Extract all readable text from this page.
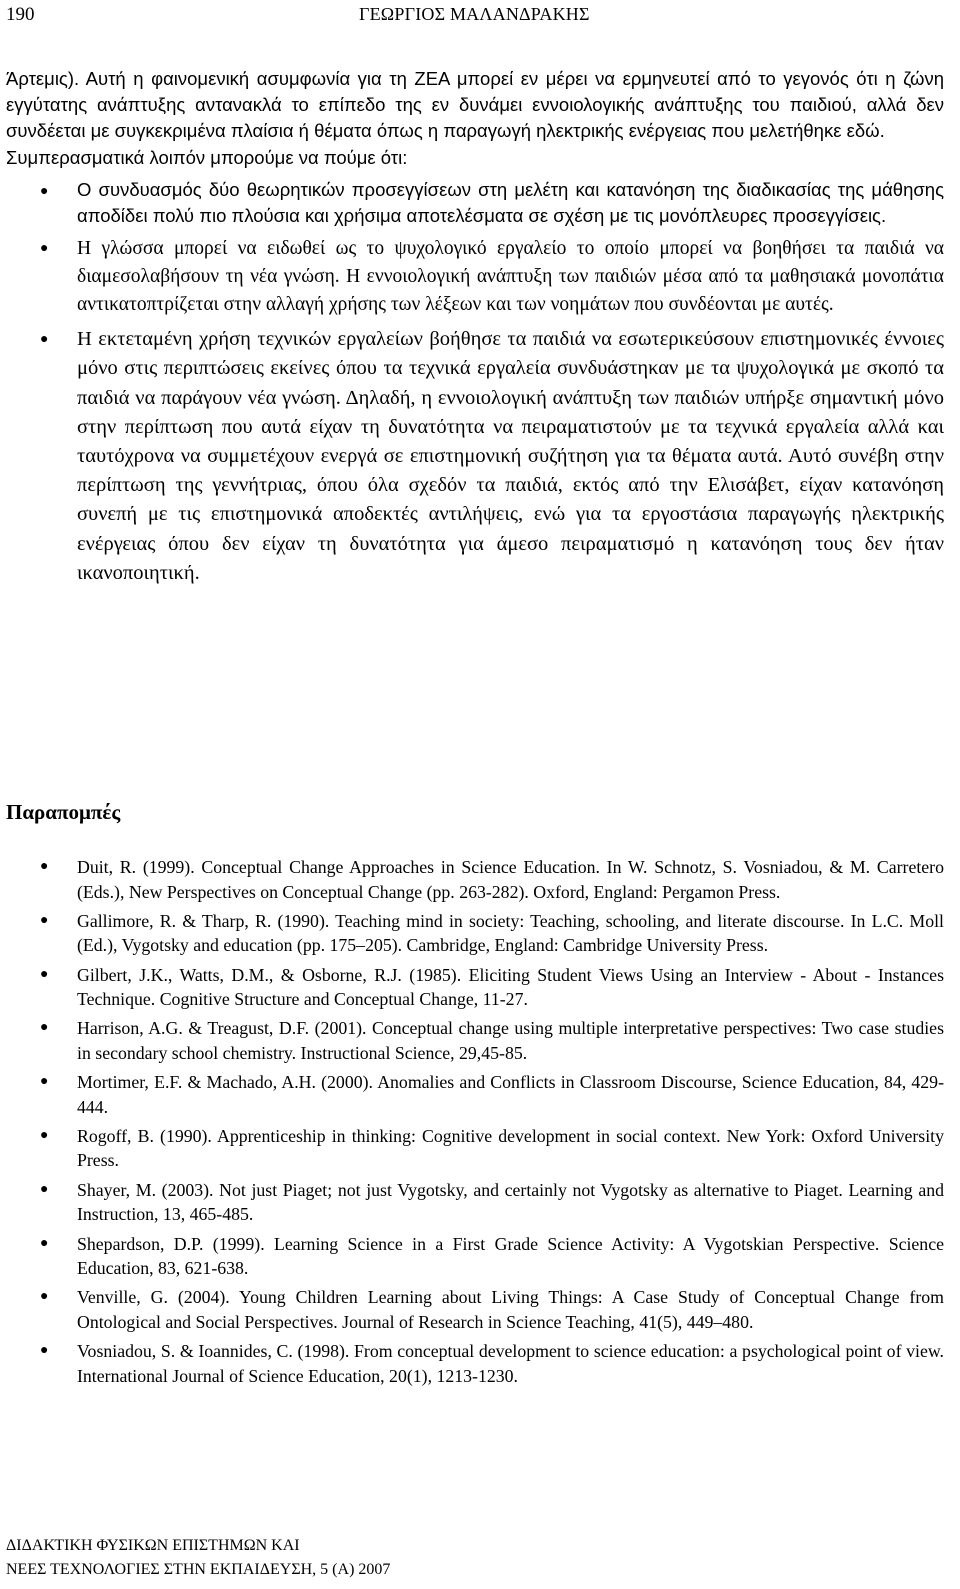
190	ΓΕΩΡΓΙΟΣ ΜΑΛΑΝΔΡΑΚΗΣ

Άρτεμις). Αυτή η φαινομενική ασυμφωνία για τη ΖΕΑ μπορεί εν μέρει να ερμηνευτεί από το γεγονός ότι η ζώνη εγγύτατης ανάπτυξης αντανακλά το επίπεδο της εν δυνάμει εννοιολογικής ανάπτυξης του παιδιού, αλλά δεν συνδέεται με συγκεκριμένα πλαίσια ή θέματα όπως η παραγωγή ηλεκτρικής ενέργειας που μελετήθηκε εδώ.

Συμπερασματικά λοιπόν μπορούμε να πούμε ότι:

● Ο συνδυασμός δύο θεωρητικών προσεγγίσεων στη μελέτη και κατανόηση της διαδικασίας της μάθησης αποδίδει πολύ πιο πλούσια και χρήσιμα αποτελέσματα σε σχέση με τις μονόπλευρες προσεγγίσεις.
● Η γλώσσα μπορεί να ειδωθεί ως το ψυχολογικό εργαλείο το οποίο μπορεί να βοηθήσει τα παιδιά να διαμεσολαβήσουν τη νέα γνώση. Η εννοιολογική ανάπτυξη των παιδιών μέσα από τα μαθησιακά μονοπάτια αντικατοπτρίζεται στην αλλαγή χρήσης των λέξεων και των νοημάτων που συνδέονται με αυτές.
● Η εκτεταμένη χρήση τεχνικών εργαλείων βοήθησε τα παιδιά να εσωτερικεύσουν επιστημονικές έννοιες μόνο στις περιπτώσεις εκείνες όπου τα τεχνικά εργαλεία συνδυάστηκαν με τα ψυχολογικά με σκοπό τα παιδιά να παράγουν νέα γνώση. Δηλαδή, η εννοιολογική ανάπτυξη των παιδιών υπήρξε σημαντική μόνο στην περίπτωση που αυτά είχαν τη δυνατότητα να πειραματιστούν με τα τεχνικά εργαλεία αλλά και ταυτόχρονα να συμμετέχουν ενεργά σε επιστημονική συζήτηση για τα θέματα αυτά. Αυτό συνέβη στην περίπτωση της γεννήτριας, όπου όλα σχεδόν τα παιδιά, εκτός από την Ελισάβετ, είχαν κατανόηση συνεπή με τις επιστημονικά αποδεκτές αντιλήψεις, ενώ για τα εργοστάσια παραγωγής ηλεκτρικής ενέργειας όπου δεν είχαν τη δυνατότητα για άμεσο πειραματισμό η κατανόηση τους δεν ήταν ικανοποιητική.
Παραπομπές
● Duit, R. (1999). Conceptual Change Approaches in Science Education. In W. Schnotz, S. Vosniadou, & M. Carretero (Eds.), New Perspectives on Conceptual Change (pp. 263-282). Oxford, England: Pergamon Press.
● Gallimore, R. & Tharp, R. (1990). Teaching mind in society: Teaching, schooling, and literate discourse. In L.C. Moll (Ed.), Vygotsky and education (pp. 175–205). Cambridge, England: Cambridge University Press.
● Gilbert, J.K., Watts, D.M., & Osborne, R.J. (1985). Eliciting Student Views Using an Interview - About - Instances Technique. Cognitive Structure and Conceptual Change, 11-27.
● Harrison, A.G. & Treagust, D.F. (2001). Conceptual change using multiple interpretative perspectives: Two case studies in secondary school chemistry. Instructional Science, 29,45-85.
● Mortimer, E.F. & Machado, A.H. (2000). Anomalies and Conflicts in Classroom Discourse, Science Education, 84, 429-444.
● Rogoff, B. (1990). Apprenticeship in thinking: Cognitive development in social context. New York: Oxford University Press.
● Shayer, M. (2003). Not just Piaget; not just Vygotsky, and certainly not Vygotsky as alternative to Piaget. Learning and Instruction, 13, 465-485.
● Shepardson, D.P. (1999). Learning Science in a First Grade Science Activity: A Vygotskian Perspective. Science Education, 83, 621-638.
● Venville, G. (2004). Young Children Learning about Living Things: A Case Study of Conceptual Change from Ontological and Social Perspectives. Journal of Research in Science Teaching, 41(5), 449–480.
● Vosniadou, S. & Ioannides, C. (1998). From conceptual development to science education: a psychological point of view. International Journal of Science Education, 20(1), 1213-1230.
ΔΙΔΑΚΤΙΚΗ ΦΥΣΙΚΩΝ ΕΠΙΣΤΗΜΩΝ ΚΑΙ
ΝΕΕΣ ΤΕΧΝΟΛΟΓΙΕΣ ΣΤΗΝ ΕΚΠΑΙΔΕΥΣΗ, 5 (Α) 2007
